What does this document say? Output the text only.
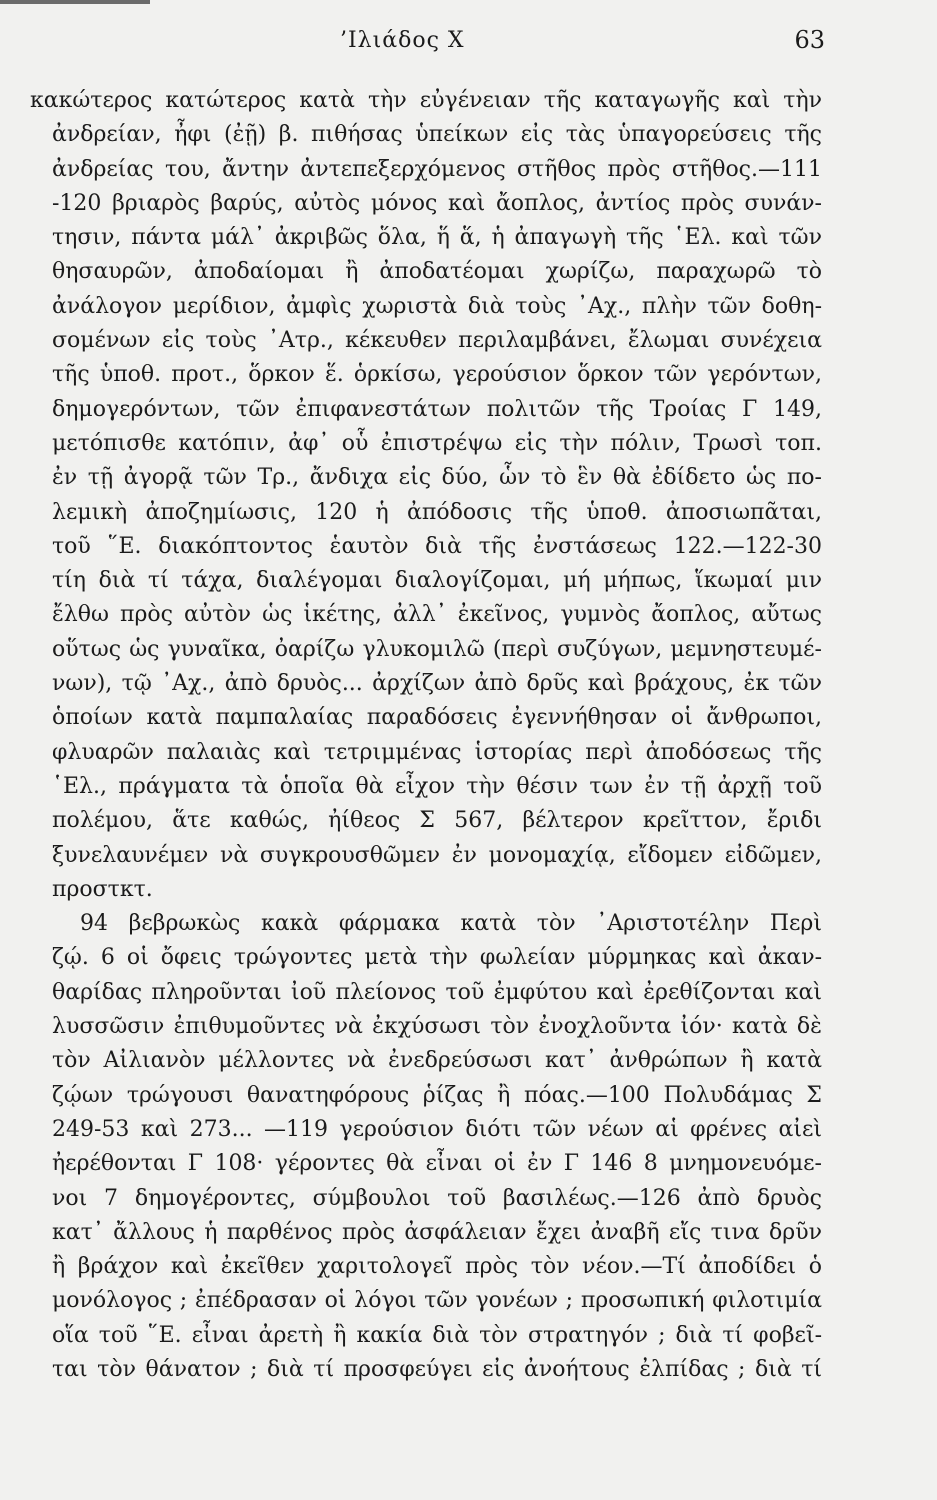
’Ιλιάδος Χ	63
κακώτερος κατώτερος κατὰ τὴν εὐγένειαν τῆς καταγωγῆς καὶ τὴν
ἀνδρείαν, ἦφι (ἐῇ) β. πιθήσας ὑπείκων εἰς τὰς ὑπαγορεύσεις τῆς
ἀνδρείας του, ἄντην ἀντεπεξερχόμενος στῆθος πρὸς στῆθος.—111
-120 βριαρὸς βαρύς, αὐτὸς μόνος καὶ ἄοπλος, ἀντίος πρὸς συνάν-
τησιν, πάντα μάλ᾽ ἀκριβῶς ὅλα, ἥ ἅ, ἡ ἀπαγωγὴ τῆς ῾Ελ. καὶ τῶν
θησαυρῶν, ἀποδαίομαι ἢ ἀποδατέομαι χωρίζω, παραχωρῶ τὸ
ἀνάλογον μερίδιον, ἀμφὶς χωριστὰ διὰ τοὺς ᾿Αχ., πλὴν τῶν δοθη-
σομένων εἰς τοὺς ᾿Ατρ., κέκευθεν περιλαμβάνει, ἔλωμαι συνέχεια
τῆς ὑποθ. προτ., ὅρκον ἕ. ὁρκίσω, γερούσιον ὅρκον τῶν γερόντων,
δημογερόντων, τῶν ἐπιφανεστάτων πολιτῶν τῆς Τροίας Γ 149,
μετόπισθε κατόπιν, ἀφ᾽ οὗ ἐπιστρέψω εἰς τὴν πόλιν, Τρωσὶ τοπ.
ἐν τῇ ἀγορᾷ τῶν Τρ., ἄνδιχα εἰς δύο, ὧν τὸ ἓν θὰ ἐδίδετο ὡς πο-
λεμικὴ ἀποζημίωσις, 120 ἡ ἀπόδοσις τῆς ὑποθ. ἀποσιωπᾶται,
τοῦ ῞Ε. διακόπτοντος ἑαυτὸν διὰ τῆς ἐνστάσεως 122.—122-30
τίη διὰ τί τάχα, διαλέγομαι διαλογίζομαι, μή μήπως, ἵκωμαί μιν
ἔλθω πρὸς αὐτὸν ὡς ἱκέτης, ἀλλ᾽ ἐκεῖνος, γυμνὸς ἄοπλος, αὔτως
οὕτως ὡς γυναῖκα, ὀαρίζω γλυκομιλῶ (περὶ συζύγων, μεμνηστευμέ-
νων), τῷ ᾿Αχ., ἀπὸ δρυὸς... ἀρχίζων ἀπὸ δρῦς καὶ βράχους, ἐκ τῶν
ὁποίων κατὰ παμπαλαίας παραδόσεις ἐγεννήθησαν οἱ ἄνθρωποι,
φλυαρῶν παλαιὰς καὶ τετριμμένας ἱστορίας περὶ ἀποδόσεως τῆς
῾Ελ., πράγματα τὰ ὁποῖα θὰ εἶχον τὴν θέσιν των ἐν τῇ ἀρχῇ τοῦ
πολέμου, ἅτε καθώς, ἠίθεος Σ 567, βέλτερον κρεῖττον, ἔριδι
ξυνελαυνέμεν νὰ συγκρουσθῶμεν ἐν μονομαχίᾳ, εἴδομεν εἰδῶμεν,
προστκτ.
94 βεβρωκὼς κακὰ φάρμακα κατὰ τὸν ᾿Αριστοτέλην Περὶ
ζῴ. 6 οἱ ὄφεις τρώγοντες μετὰ τὴν φωλείαν μύρμηκας καὶ ἀκαν-
θαρίδας πληροῦνται ἰοῦ πλείονος τοῦ ἐμφύτου καὶ ἐρεθίζονται καὶ
λυσσῶσιν ἐπιθυμοῦντες νὰ ἐκχύσωσι τὸν ἐνοχλοῦντα ἰόν· κατὰ δὲ
τὸν Αἰλιανὸν μέλλοντες νὰ ἐνεδρεύσωσι κατ᾽ ἀνθρώπων ἢ κατὰ
ζῴων τρώγουσι θανατηφόρους ῥίζας ἢ πόας.—100 Πολυδάμας Σ
249-53 καὶ 273... —119 γερούσιον διότι τῶν νέων αἱ φρένες αἰεὶ
ἠερέθονται Γ 108· γέροντες θὰ εἶναι οἱ ἐν Γ 146 8 μνημονευόμε-
νοι 7 δημογέροντες, σύμβουλοι τοῦ βασιλέως.—126 ἀπὸ δρυὸς
κατ᾽ ἄλλους ἡ παρθένος πρὸς ἀσφάλειαν ἔχει ἀναβῆ εἴς τινα δρῦν
ἢ βράχον καὶ ἐκεῖθεν χαριτολογεῖ πρὸς τὸν νέον.—Τί ἀποδίδει ὁ
μονόλογος ; ἐπέδρασαν οἱ λόγοι τῶν γονέων ; προσωπική φιλοτιμία
οἵα τοῦ ῞Ε. εἶναι ἀρετὴ ἢ κακία διὰ τὸν στρατηγόν ; διὰ τί φοβεῖ-
ται τὸν θάνατον ; διὰ τί προσφεύγει εἰς ἀνοήτους ἐλπίδας ; διὰ τί
